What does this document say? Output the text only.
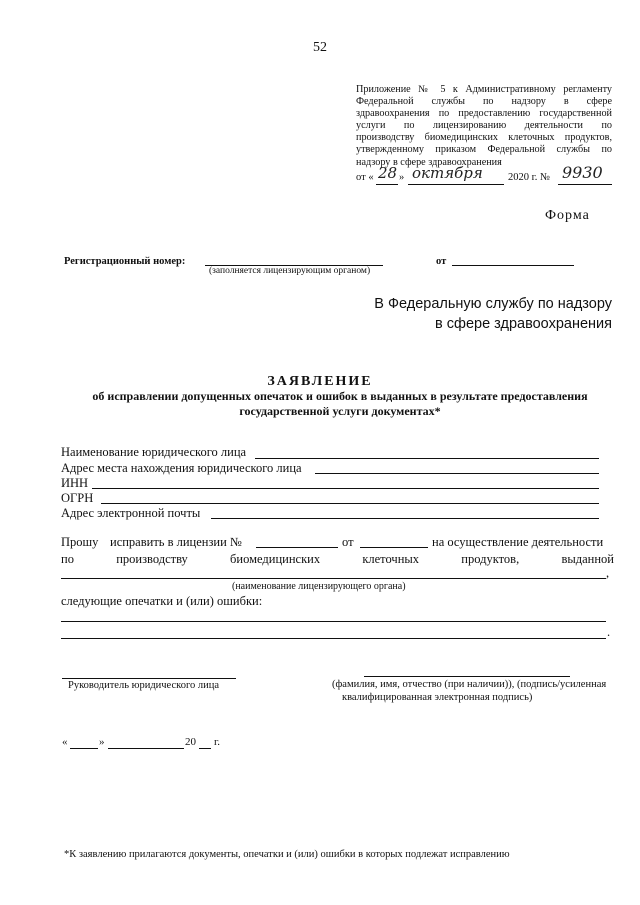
52
Приложение № 5 к Административному регламенту
Федеральной службы по надзору в сфере
здравоохранения по предоставлению государственной
услуги по лицензированию деятельности по
производству биомедицинских клеточных продуктов,
утвержденному приказом Федеральной службы по
надзору в сфере здравоохранения
от « 28 » октября 2020 г. № 9930
Форма
Регистрационный номер:
(заполняется лицензирующим органом)
от
В Федеральную службу по надзору
в сфере здравоохранения
ЗАЯВЛЕНИЕ
об исправлении допущенных опечаток и ошибок в выданных в результате предоставления
государственной услуги документах*
Наименование юридического лица
Адрес места нахождения юридического лица
ИНН
ОГРН
Адрес электронной почты
Прошу исправить в лицензии №	от	на осуществление деятельности
по	производству	биомедицинских	клеточных	продуктов,	выданной
,
(наименование лицензирующего органа)
следующие опечатки и (или) ошибки:
.
Руководитель юридического лица	(фамилия, имя, отчество (при наличии)), (подпись/усиленная
квалифицированная электронная подпись)
«	»	20 г.
*К заявлению прилагаются документы, опечатки и (или) ошибки в которых подлежат исправлению
